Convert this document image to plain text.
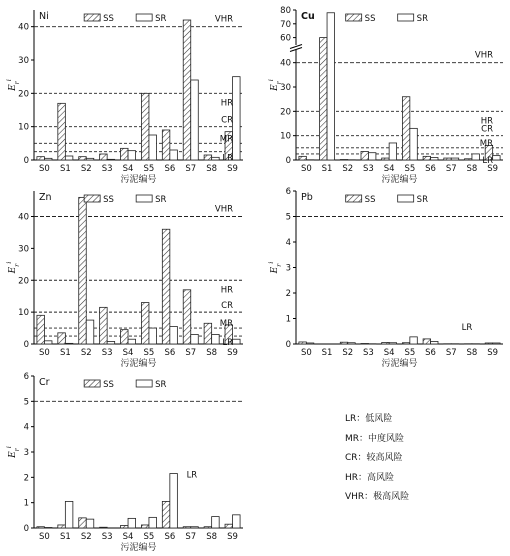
0
10
20
30
40
$E_r^i$
S0 S1 S2 S3 S4 S5 S6 S7 S8 S9
VHR
HR
CR
MR
LR
Ni	SS	SR
污泥编号
0
10
20
30
40
60
70
80
$E_r^i$
S0 S1 S2 S3 S4 S5 S6 S7 S8 S9
VHR
HR
CR
MR
LR
Cu	SS	SR
污泥编号
0
10
20
30
40
$E_r^i$
S0 S1 S2 S3 S4 S5 S6 S7 S8 S9
VHR
HR
CR
MR
LR
Zn	SS	SR
污泥编号
0
1
2
3
4
5
6
$E_r^i$
S0 S1 S2 S3 S4 S5 S6 S7 S8 S9
LR
Pb	SS	SR
污泥编号
0
1
2
3
4
5
6
$E_r^i$
S0 S1 S2 S3 S4 S5 S6 S7 S8 S9
LR
Cr	SS	SR
污泥编号
LR：低风险
MR：中度风险
CR：较高风险
HR：高风险
VHR：极高风险
